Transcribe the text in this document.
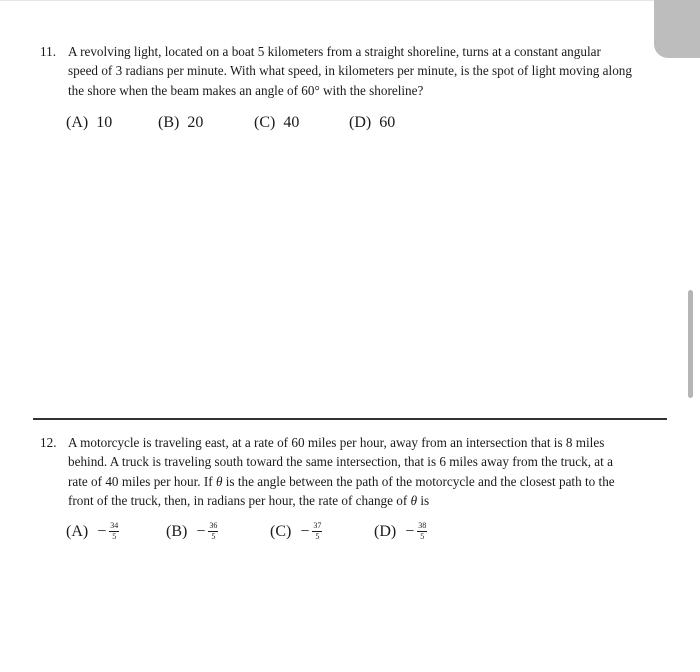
11. A revolving light, located on a boat 5 kilometers from a straight shoreline, turns at a constant angular

speed of 3 radians per minute. With what speed, in kilometers per minute, is the spot of light moving along

the shore when the beam makes an angle of 60° with the shoreline?

(A) 10	(B) 20	(C) 40	(D) 60
12. A motorcycle is traveling east, at a rate of 60 miles per hour, away from an intersection that is 8 miles

behind. A truck is traveling south toward the same intersection, that is 6 miles away from the truck, at a

rate of 40 miles per hour. If θ is the angle between the path of the motorcycle and the closest path to the

front of the truck, then, in radians per hour, the rate of change of θ is

$(A) - \frac{34}{5}$	$(B) - \frac{36}{5}$	$(C) - \frac{37}{5}$	$(D) - \frac{38}{5}$
